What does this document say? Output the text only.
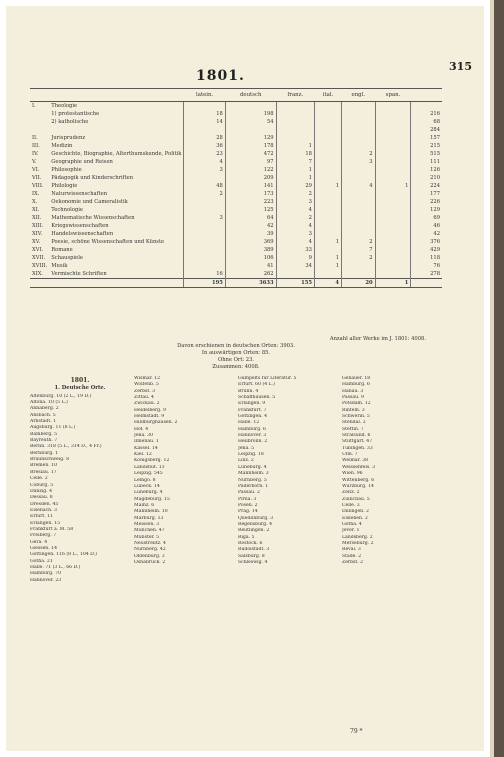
315
1801.
		latein.	deutsch	franz.	ital.	engl.	span.	
I.	Theologie							
	1) protestantische	18	198					216
	2) katholische	14	54					68
								284
II.	Jurisprudenz	28	129					157
III.	Medizin	36	178	1				215
IV.	Geschichte, Biographie, Alterthumskunde, Politik	23	472	18		2		515
V.	Geographie und Reisen	4	97	7		3		111
VI.	Philosophie	3	122	1				126
VII.	Pädagogik und Kinderschriften		209	1				210
VIII.	Philologie	48	141	29	1	4	1	224
IX.	Naturwissenschaften	2	173	2				177
X.	Oekonomie und Cameralistik		223	3				226
XI.	Technologie		125	4				129
XII.	Mathematische Wissenschaften	3	64	2				69
XIII.	Kriegswissenschaften		42	4				46
XIV.	Handelswissenschaften		39	3				42
XV.	Poesie, schöne Wissenschaften und Künste		369	4	1	2		376
XVI.	Romane		389	33		7		429
XVII.	Schauspiele		106	9	1	2		118
XVIII.	Musik		41	34	1			76
XIX.	Vermischte Schriften	16	262					278
		195	3633	155	4	20	1	
Anzahl aller Werke im J. 1801: 4008.
Davon erschienen in deutschen Orten: 3903.
In auswärtigen Orten: 85.
Ohne Ort: 23.
Zusammen: 4008.
1801.
1. Deutsche Orte.
Altenburg. 10 (2 L., 19 D.)
Altona. 10 (5 L.)
Annaberg. 2
Ansbach. 5
Arnstadt. 1
Augsburg. 11 (8 L.)
Bamberg. 5
Bayreuth. 7
Berlin. 318 (5 L., 314 D., 4 Fr.)
Bernburg. 1
Braunschweig. 8
Bremen. 10
Breslau. 17
Celle. 2
Coburg. 5
Danzig. 4
Dessau. 8
Dresden. 45
Eisenach. 3
Erfurt. 11
Erlangen. 15
Frankfurt a. M. 58
Freiberg. 7
Gera. 4
Giessen. 14
Göttingen. 116 (8 L., 104 D.)
Gotha. 21
Halle. 71 (3 L., 66 D.)
Hamburg. 70
Hannover. 23
Wismar. 12
Wolfenb. 5
Zerbst. 3
Zittau. 4
Zwickau. 2
Heidelberg. 9
Helmstädt. 9
Hildburghausen. 2
Hof. 4
Jena. 30
Ilmenau. 1
Kassel. 14
Kiel. 12
Königsberg. 12
Landshut. 13
Leipzig. 545
Lemgo. 8
Lübeck. 14
Lüneburg. 4
Magdeburg. 15
Mainz. 6
Mannheim. 10
Marburg. 13
Meissen. 3
München. 47
Münster. 5
Neustrelitz. 4
Nürnberg. 42
Oldenburg. 3
Osnabrück. 2
Gumpelts für Literatur. 5
Erfurt. 60 (4 L.)
Brünn. 4
Schaffhausen. 5
Erlangen. 9
Frankfurt. 7
Göttingen. 4
Halle. 12
Hamburg. 6
Hannover. 3
Heilbronn. 2
Jena. 5
Leipzig. 18
Linz. 2
Lüneburg. 4
Mannheim. 3
Nürnberg. 5
Paderborn. 1
Passau. 2
Pirna. 3
Posen. 2
Prag. 14
Quedlinburg. 3
Regensburg. 4
Reutlingen. 2
Riga. 5
Rostock. 6
Rudolstadt. 3
Salzburg. 8
Schleswig. 4
Gehauer. 18
Hamburg. 6
Hanau. 3
Passau. 9
Potsdam. 12
Rinteln. 3
Schwerin. 5
Stendal. 2
Stettin. 7
Stralsund. 6
Stuttgart. 47
Tübingen. 33
Ulm. 7
Weimar. 38
Weissenfels. 3
Wien. 96
Wittenberg. 6
Würzburg. 14
Zeitz. 2
Züllichau. 5
Celle. 3
Dillingen. 2
Eisleben. 2
Gotha. 4
Jever. 1
Landsberg. 2
Merseburg. 2
Reval. 3
Stade. 2
Zerbst. 2
79 *
